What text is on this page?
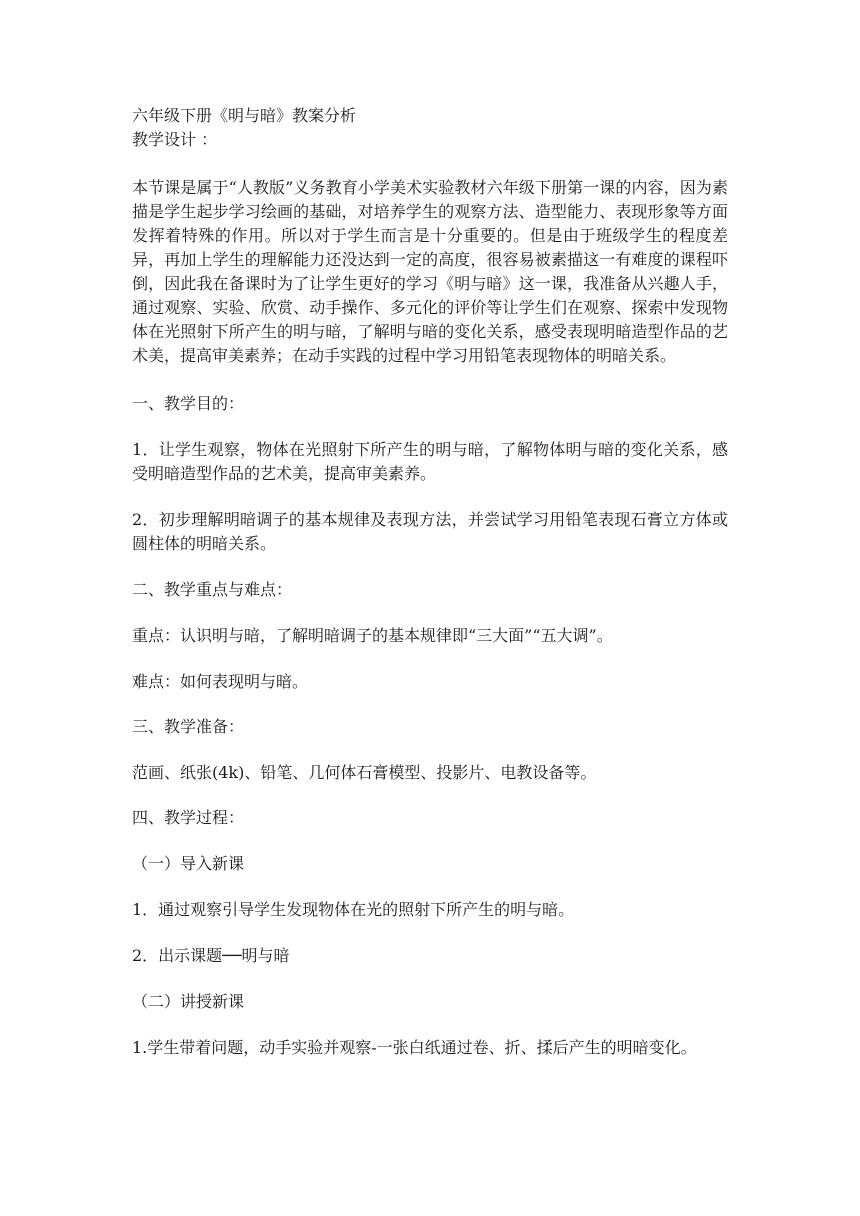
六年级下册《明与暗》教案分析

教学设计 ：

本节课是属于“人教版”义务教育小学美术实验教材六年级下册第一课的内容，因为素描是学生起步学习绘画的基础，对培养学生的观察方法、造型能力、表现形象等方面发挥着特殊的作用。所以对于学生而言是十分重要的。但是由于班级学生的程度差异，再加上学生的理解能力还没达到一定的高度，很容易被素描这一有难度的课程吓倒，因此我在备课时为了让学生更好的学习《明与暗》这一课，我准备从兴趣人手，通过观察、实验、欣赏、动手操作、多元化的评价等让学生们在观察、探索中发现物体在光照射下所产生的明与暗，了解明与暗的变化关系，感受表现明暗造型作品的艺术美，提高审美素养；在动手实践的过程中学习用铅笔表现物体的明暗关系。

一、教学目的：

1．让学生观察，物体在光照射下所产生的明与暗，了解物体明与暗的变化关系，感受明暗造型作品的艺术美，提高审美素养。

2．初步理解明暗调子的基本规律及表现方法，并尝试学习用铅笔表现石膏立方体或圆柱体的明暗关系。

二、教学重点与难点：

重点：认识明与暗，了解明暗调子的基本规律即“三大面”“五大调”。

难点：如何表现明与暗。

三、教学准备：

范画、纸张(4k)、铅笔、几何体石膏模型、投影片、电教设备等。

四、教学过程：

（一）导入新课

1．通过观察引导学生发现物体在光的照射下所产生的明与暗。

2．出示课题──明与暗

（二）讲授新课

1.学生带着问题，动手实验并观察-一张白纸通过卷、折、揉后产生的明暗变化。
